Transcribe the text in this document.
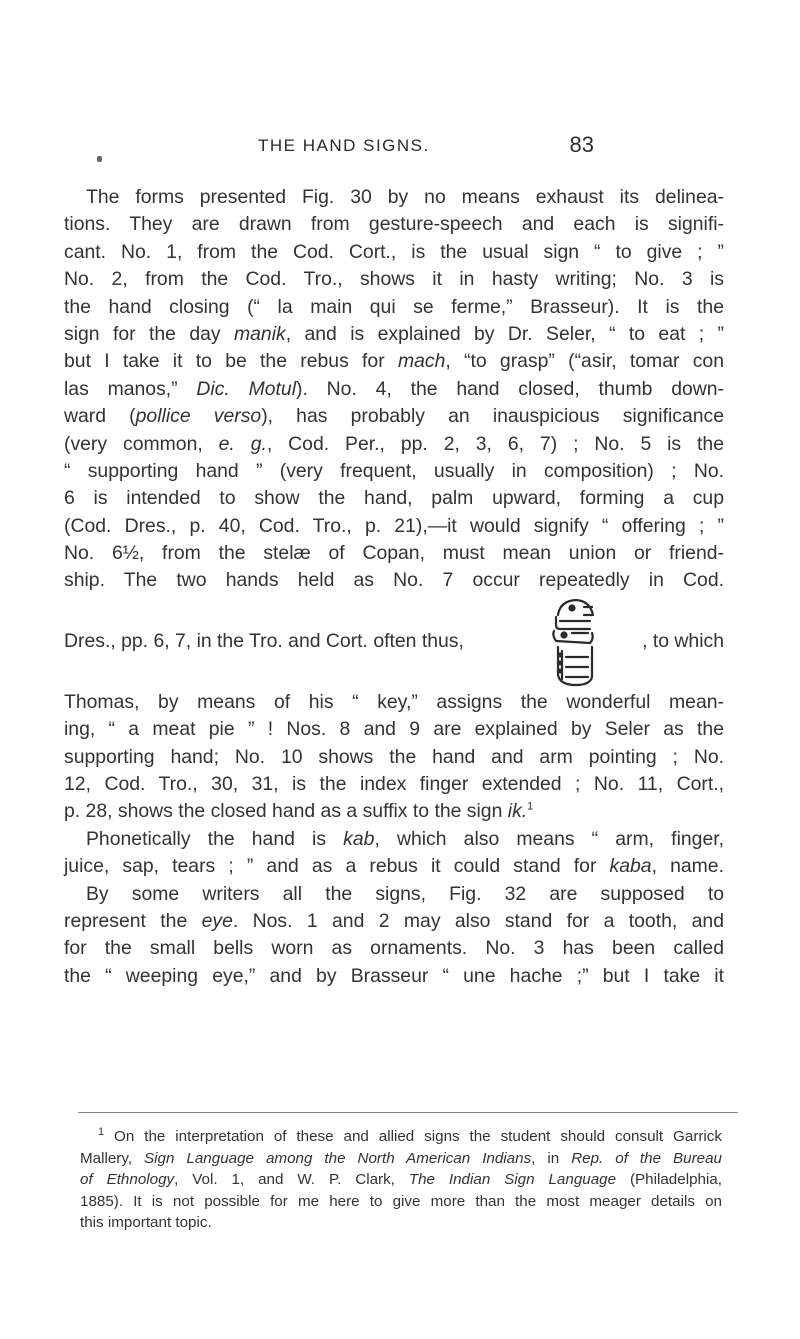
THE HAND SIGNS.	83
The forms presented Fig. 30 by no means exhaust its delinea-
tions. They are drawn from gesture-speech and each is signifi-
cant. No. 1, from the Cod. Cort., is the usual sign “ to give ; ”
No. 2, from the Cod. Tro., shows it in hasty writing; No. 3 is
the hand closing (“ la main qui se ferme,” Brasseur). It is the
sign for the day manik, and is explained by Dr. Seler, “ to eat ; ”
but I take it to be the rebus for mach, “to grasp” (“asir, tomar con
las manos,” Dic. Motul). No. 4, the hand closed, thumb down-
ward (pollice verso), has probably an inauspicious significance
(very common, e. g., Cod. Per., pp. 2, 3, 6, 7) ; No. 5 is the
“ supporting hand ” (very frequent, usually in composition) ; No.
6 is intended to show the hand, palm upward, forming a cup
(Cod. Dres., p. 40, Cod. Tro., p. 21),—it would signify “ offering ; ”
No. 6½, from the stelæ of Copan, must mean union or friend-
ship. The two hands held as No. 7 occur repeatedly in Cod.
Dres., pp. 6, 7, in the Tro. and Cort. often thus,	, to which
Thomas, by means of his “ key,” assigns the wonderful mean-
ing, “ a meat pie ” ! Nos. 8 and 9 are explained by Seler as the
supporting hand; No. 10 shows the hand and arm pointing ; No.
12, Cod. Tro., 30, 31, is the index finger extended ; No. 11, Cort.,
p. 28, shows the closed hand as a suffix to the sign ik.$^1$
Phonetically the hand is kab, which also means “ arm, finger,
juice, sap, tears ; ” and as a rebus it could stand for kaba, name.
By some writers all the signs, Fig. 32 are supposed to
represent the eye. Nos. 1 and 2 may also stand for a tooth, and
for the small bells worn as ornaments. No. 3 has been called
the “ weeping eye,” and by Brasseur “ une hache ;” but I take it
$^1$ On the interpretation of these and allied signs the student should consult Garrick
Mallery, Sign Language among the North American Indians, in Rep. of the Bureau
of Ethnology, Vol. 1, and W. P. Clark, The Indian Sign Language (Philadelphia,
1885). It is not possible for me here to give more than the most meager details on
this important topic.
